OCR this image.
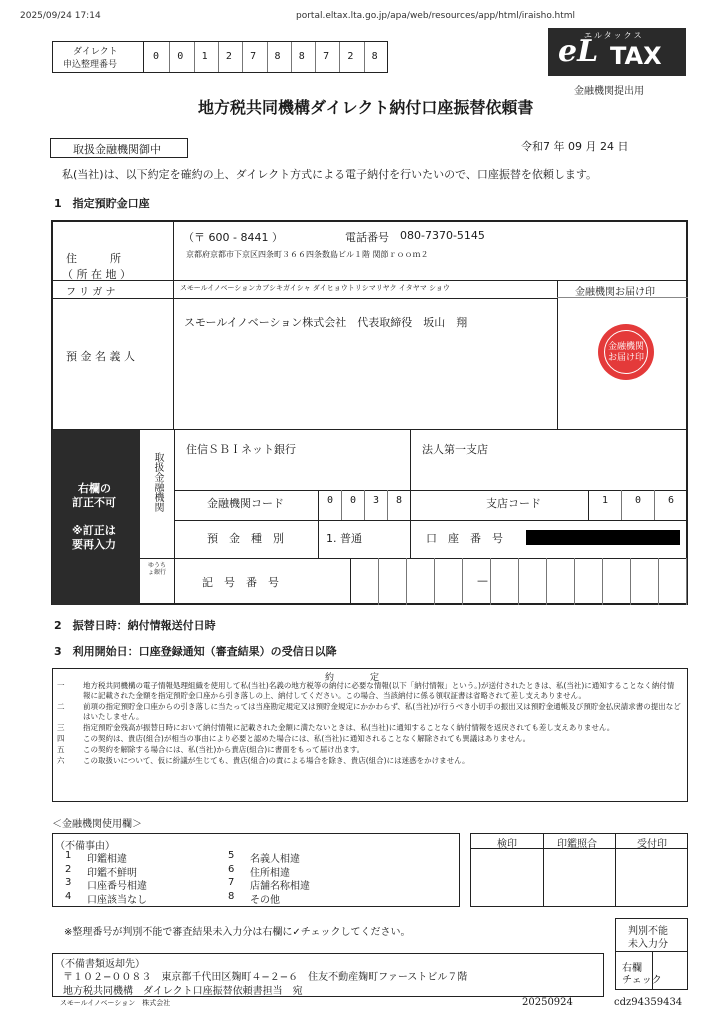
2025/09/24 17:14	portal.eltax.lta.go.jp/apa/web/resources/app/html/iraisho.html
ダイレクト
申込整理番号
0	0	1	2	7	8	8	7	2	8
エルタックス
eL TAX
金融機関提出用
地方税共同機構ダイレクト納付口座振替依頼書
取扱金融機関御中	令和7 年 09 月 24 日
私(当社)は、以下約定を確約の上、ダイレクト方式による電子納付を行いたいので、口座振替を依頼します。
1　指定預貯金口座
住　　　所
（ 所 在 地 ）
（〒 600 - 8441 ）	電話番号 080-7370-5145
京都府京都市下京区四条町３６６四条数島ビル１階 関節ｒｏｏｍ２
フ リ ガ ナ	スモールイノベーションカブシキガイシャ ダイヒョウトリシマリヤク イタヤマ ショウ	金融機関お届け印
預 金 名 義 人
スモールイノベーション株式会社　代表取締役　坂山　翔
金融機関
お届け印
右欄の
訂正不可
※訂正は
要再入力
取扱金融機関
住信ＳＢＩネット銀行	法人第一支店
金融機関コード	0	0	3	8	支店コード	1	0	6
預　金　種　別	1. 普通	口　座　番　号
ゆうちょ銀行
記　号　番　号	—
2　振替日時：納付情報送付日時
3　利用開始日：口座登録通知（審査結果）の受信日以降
約　　　　定
一 地方税共同機構の電子情報処理組織を使用して私(当社)名義の地方税等の納付に必要な情報(以下「納付情報」という。)が送付されたときは、私(当社)に通知することなく納付情報に記載された金額を指定預貯金口座から引き落しの上、納付してください。この場合、当該納付に係る領収証書は省略されて差し支えありません。
二 前項の指定預貯金口座からの引き落しに当たっては当座勘定規定又は預貯金規定にかかわらず、私(当社)が行うべき小切手の振出又は預貯金通帳及び預貯金払戻請求書の提出などはいたしません。
三 指定預貯金残高が振替日時において納付情報に記載された金額に満たないときは、私(当社)に通知することなく納付情報を返戻されても差し支えありません。
四 この契約は、貴店(組合)が相当の事由により必要と認めた場合には、私(当社)に通知されることなく解除されても異議はありません。
五 この契約を解除する場合には、私(当社)から貴店(組合)に書面をもって届け出ます。
六 この取扱いについて、仮に紛議が生じても、貴店(組合)の責による場合を除き、貴店(組合)には迷惑をかけません。
＜金融機関使用欄＞
（不備事由）
1 印鑑相違
2 印鑑不鮮明
3 口座番号相違
4 口座該当なし
5 名義人相違
6 住所相違
7 店舗名称相違
8 その他
検印	印鑑照合	受付印
※整理番号が判別不能で審査結果未入力分は右欄に✓チェックしてください。	判別不能
未入力分
右欄
チェック
（不備書類返却先）
〒１０２−００８３　東京都千代田区麹町４−２−６　住友不動産麹町ファーストビル７階
地方税共同機構　ダイレクト口座振替依頼書担当　宛
スモールイノベーション　株式会社	20250924	cdz94359434
